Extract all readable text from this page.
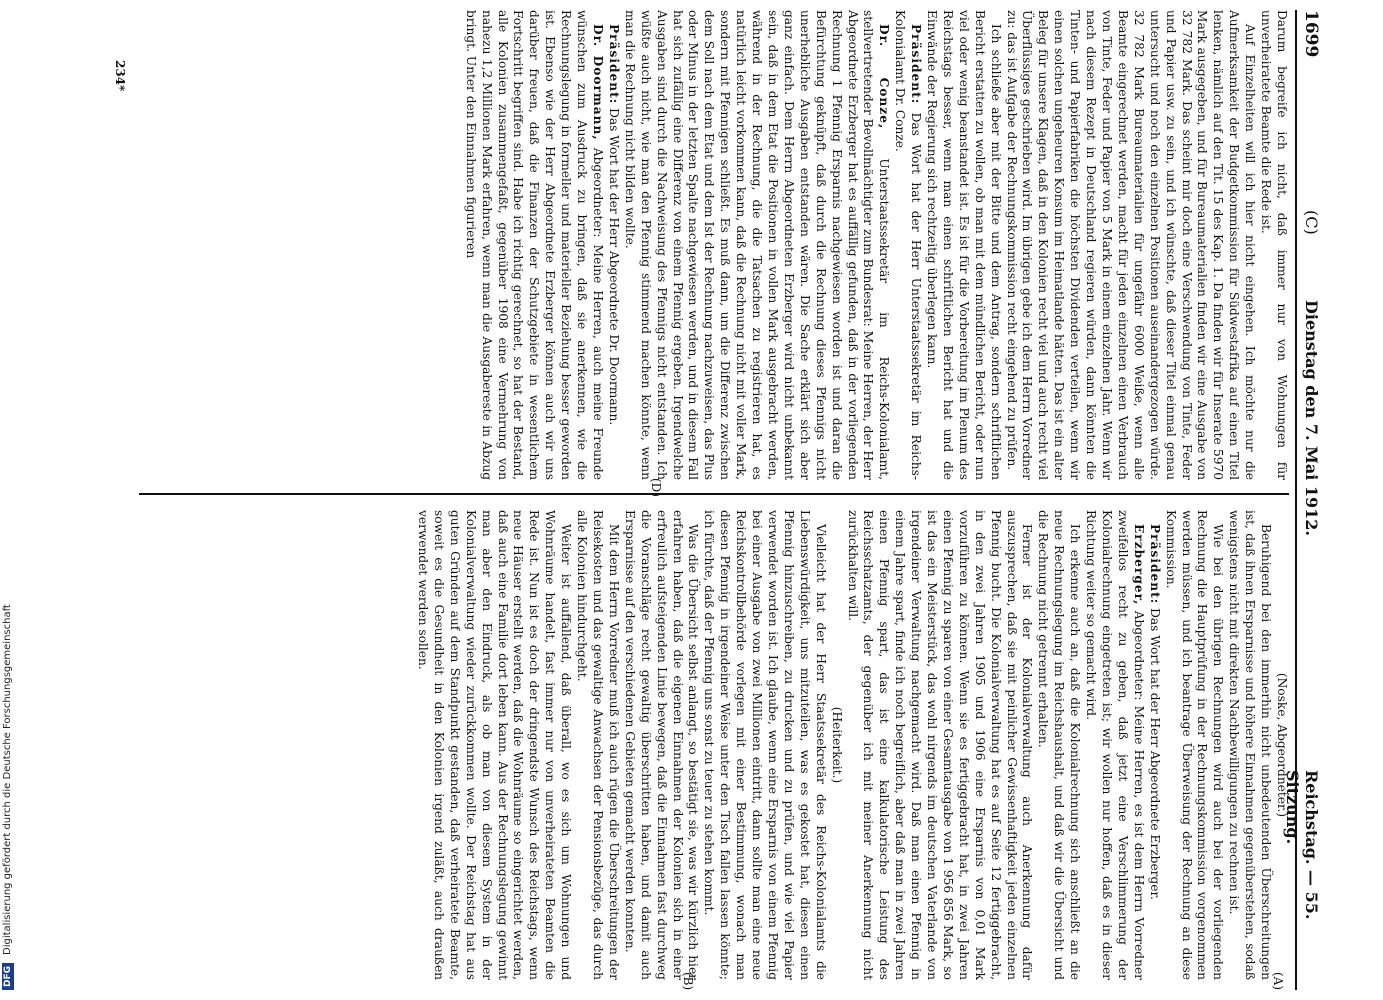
1699
(C)
Dienstag den 7. Mai 1912.
Reichstag. — 55. Sitzung.

Darum begreife ich nicht, daß immer nur von Wohnungen für unverheiratete Beamte die Rede ist.

Auf Einzelheiten will ich hier nicht eingehen. Ich möchte nur die Aufmerksamkeit der Budgetkommission für Südwestafrika auf einen Titel lenken, nämlich auf den Tit. 15 des Kap. 1. Da finden wir für Inserate 5970 Mark ausgegeben, und für Bureaumaterialien finden wir eine Ausgabe von 32 782 Mark. Das scheint mir doch eine Verschwendung von Tinte, Feder und Papier usw. zu sein, und ich wünschte, daß dieser Titel einmal genau untersucht und noch den einzelnen Positionen auseinandergezogen würde. 32 782 Mark Bureaumaterialien für ungefähr 6000 Weiße, wenn alle Beamte eingerechnet werden, macht für jeden einzelnen einen Verbrauch von Tinte, Feder und Papier von 5 Mark in einem einzelnen Jahr. Wenn wir nach diesem Rezept in Deutschland regieren würden, dann könnten die Tinten- und Papierfabriken die höchsten Dividenden verteilen, wenn wir einen solchen ungeheuren Konsum im Heimatlande hätten. Das ist ein alter Beleg für unsere Klagen, daß in den Kolonien recht viel und auch recht viel Überflüssiges geschrieben wird. Im übrigen gebe ich dem Herrn Vorredner zu: das ist Aufgabe der Rechnungskommission recht eingehend zu prüfen.

Ich schließe aber mit der Bitte und dem Antrag, sondern schriftlichen Bericht erstatten zu wollen, ob man mit dem mündlichen Bericht, oder nun viel oder wenig beanstandet ist. Es ist für die Vorbereitung im Plenum des Reichstags besser, wenn man einen schriftlichen Bericht hat und die Einwände der Regierung sich rechtzeitig überlegen kann.

Präsident: Das Wort hat der Herr Unterstaatssekretär im Reichs-Kolonialamt Dr. Conze.

Dr. Conze, Unterstaatssekretär im Reichs-Kolonialamt, stellvertretender Bevollmächtigter zum Bundesrat: Meine Herren, der Herr Abgeordnete Erzberger hat es auffällig gefunden, daß in der vorliegenden Rechnung 1 Pfennig Ersparnis nachgewiesen worden ist und daran die Befürchtung geknüpft, daß durch die Rechnung dieses Pfennigs nicht unerhebliche Ausgaben entstanden wären. Die Sache erklärt sich aber ganz einfach. Dem Herrn Abgeordneten Erzberger wird nicht unbekannt sein, daß in dem Etat die Positionen in vollen Mark ausgebracht werden, während in der Rechnung, die die Tatsachen zu registrieren hat, es natürlich leicht vorkommen kann, daß die Rechnung nicht mit voller Mark, sondern mit Pfennigen schließt. Es muß dann, um die Differenz zwischen dem Soll nach dem Etat und dem Ist der Rechnung nachzuweisen, das Plus oder Minus in der letzten Spalte nachgewiesen werden, und in diesem Fall hat sich zufällig eine Differenz von einem Pfennig ergeben. Irgendwelche Ausgaben sind durch die Nachweisung des Pfennigs nicht entstanden. Ich wüßte auch nicht, wie man den Pfennig stimmend machen könnte, wenn man die Rechnung nicht bilden wollte.

Präsident: Das Wort hat der Herr Abgeordnete Dr. Doormann.

Dr. Doormann, Abgeordneter: Meine Herren, auch meine Freunde wünschen zum Ausdruck zu bringen, daß sie anerkennen, wie die Rechnungslegung in formeller und materieller Beziehung besser geworden ist. Ebenso wie der Herr Abgeordnete Erzberger können auch wir uns darüber freuen, daß die Finanzen der Schutzgebiete in wesentlichem Fortschritt begriffen sind. Habe ich richtig gerechnet, so hat der Bestand, alle Kolonien zusammengefaßt, gegenüber 1908 eine Vermehrung von nahezu 1,2 Millionen Mark erfahren, wenn man die Ausgabereste in Abzug bringt. Unter den Einnahmen figurieren

(Noske, Abgeordneter.)

Beruhigend bei den immerhin nicht unbedeutenden Überschreitungen ist, daß ihnen Ersparnisse und höhere Einnahmen gegenüberstehen, sodaß wenigstens nicht mit direkten Nachbewilligungen zu rechnen ist.

Wie bei den übrigen Rechnungen wird auch bei der vorliegenden Rechnung die Hauptprüfung in der Rechnungskommission vorgenommen werden müssen, und ich beantrage Überweisung der Rechnung an diese Kommission.

Präsident: Das Wort hat der Herr Abgeordnete Erzberger.

Erzberger, Abgeordneter: Meine Herren, es ist dem Herrn Vorredner zweifellos recht zu geben, daß jetzt eine Verschlimmerung der Kolonialrechnung eingetreten ist; wir wollen nur hoffen, daß es in dieser Richtung weiter so gemacht wird.

Ich erkenne auch an, daß die Kolonialrechnung sich anschließt an die neue Rechnungslegung im Reichshaushalt, und daß wir die Übersicht und die Rechnung nicht getrennt erhalten.

Ferner ist der Kolonialverwaltung auch Anerkennung dafür auszusprechen, daß sie mit peinlicher Gewissenhaftigkeit jeden einzelnen Pfennig bucht. Die Kolonialverwaltung hat es auf Seite 12 fertiggebracht, in den zwei Jahren 1905 und 1906 eine Ersparnis von 0,01 Mark vorzuführen zu können. Wenn sie es fertiggebracht hat, in zwei Jahren einen Pfennig zu sparen von einer Gesamtausgabe von 1 956 856 Mark, so ist das ein Meisterstück, das wohl nirgends im deutschen Vaterlande von irgendeiner Verwaltung nachgemacht wird. Daß man einen Pfennig in einem Jahre spart, finde ich noch begreiflich, aber daß man in zwei Jahren einen Pfennig spart, das ist eine kalkulatorische Leistung des Reichsschatzamts, der gegenüber ich mit meiner Anerkennung nicht zurückhalten will.

(Heiterkeit.)

Vielleicht hat der Herr Staatssekretär des Reichs-Kolonialamts die Liebenswürdigkeit, uns mitzuteilen, was es gekostet hat, diesen einen Pfennig hinzuschreiben, zu drucken und zu prüfen, und wie viel Papier verwendet worden ist. Ich glaube, wenn eine Ersparnis von einem Pfennig bei einer Ausgabe von zwei Millionen eintritt, dann sollte man eine neue Reichskontrollbehörde vorlegen mit einer Bestimmung, wonach man diesen Pfennig in irgendeiner Weise unter den Tisch fallen lassen könnte; ich fürchte, daß der Pfennig uns sonst zu teuer zu stehen kommt.

Was die Übersicht selbst anlangt, so bestätigt sie, was wir kürzlich hier erfahren haben, daß die eigenen Einnahmen der Kolonien sich in einer erfreulich aufsteigenden Linie bewegen, daß die Einnahmen fast durchweg die Voranschläge recht gewaltig überschritten haben, und damit auch Ersparnisse auf den verschiedenen Gebieten gemacht werden konnten.

Mit dem Herrn Vorredner muß ich auch rügen die Überschreitungen der Reisekosten und das gewaltige Anwachsen der Pensionsbezüge, das durch alle Kolonien hindurchgeht.

Weiter ist auffallend, daß überall, wo es sich um Wohnungen und Wohnräume handelt, fast immer nur von unverheirateten Beamten die Rede ist. Nun ist es doch der dringendste Wunsch des Reichstags, wenn neue Häuser erstellt werden, daß die Wohnräume so eingerichtet werden, daß auch eine Familie dort leben kann. Aus der Rechnungslegung gewinnt man aber den Eindruck, als ob man von diesem System in der Kolonialverwaltung wieder zurückkommen wollte. Der Reichstag hat aus guten Gründen auf dem Standpunkt gestanden, daß verheiratete Beamte, soweit es die Gesundheit in den Kolonien irgend zuläßt, auch draußen verwendet werden sollen.

(A)
(B)
(D)
234*
DFGDigitalisierung gefördert durch die Deutsche Forschungsgemeinschaft
